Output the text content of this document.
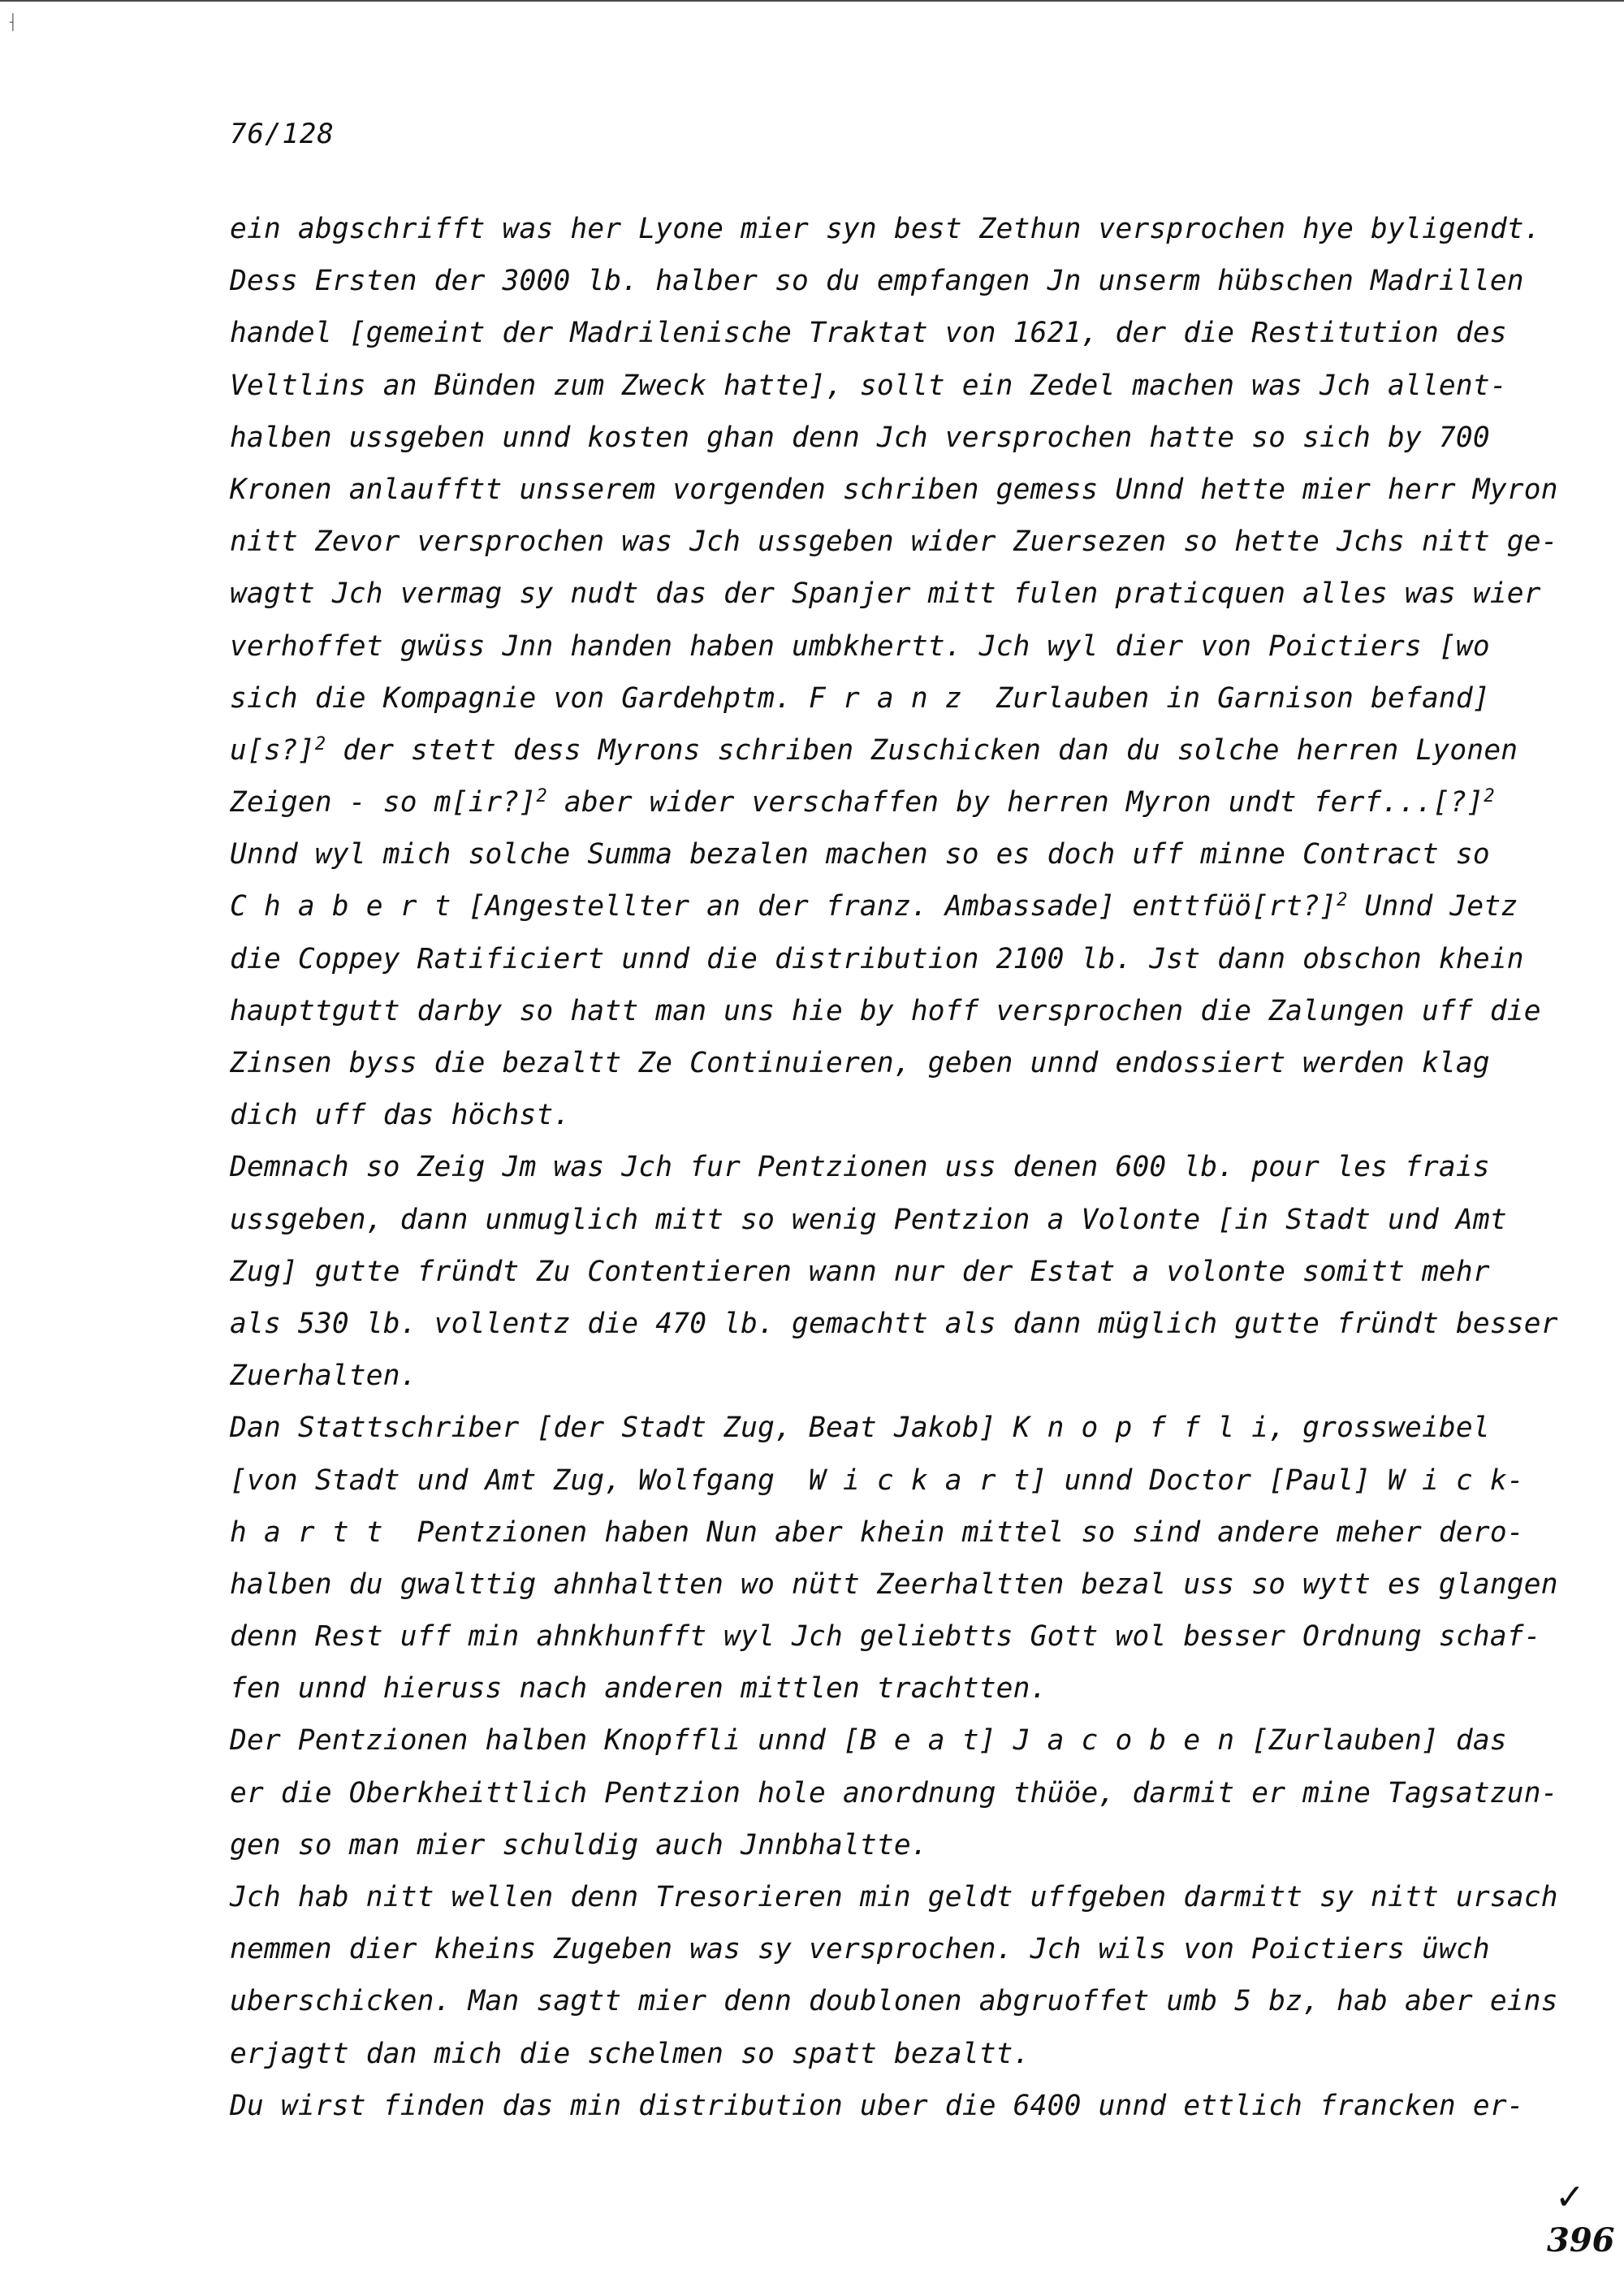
⸡
76/128
ein abgschrifft was her Lyone mier syn best Zethun versprochen hye byligendt.
Dess Ersten der 3000 lb. halber so du empfangen Jn unserm hübschen Madrillen
handel [gemeint der Madrilenische Traktat von 1621, der die Restitution des
Veltlins an Bünden zum Zweck hatte], sollt ein Zedel machen was Jch allent-
halben ussgeben unnd kosten ghan denn Jch versprochen hatte so sich by 700
Kronen anlaufftt unsserem vorgenden schriben gemess Unnd hette mier herr Myron
nitt Zevor versprochen was Jch ussgeben wider Zuersezen so hette Jchs nitt ge-
wagtt Jch vermag sy nudt das der Spanjer mitt fulen praticquen alles was wier
verhoffet gwüss Jnn handen haben umbkhertt. Jch wyl dier von Poictiers [wo
sich die Kompagnie von Gardehptm. F r a n z  Zurlauben in Garnison befand]
u[s?]$^2$ der stett dess Myrons schriben Zuschicken dan du solche herren Lyonen
Zeigen - so m[ir?]$^2$ aber wider verschaffen by herren Myron undt ferf...[?]$^2$
Unnd wyl mich solche Summa bezalen machen so es doch uff minne Contract so
C h a b e r t [Angestellter an der franz. Ambassade] enttfüö[rt?]$^2$ Unnd Jetz
die Coppey Ratificiert unnd die distribution 2100 lb. Jst dann obschon khein
haupttgutt darby so hatt man uns hie by hoff versprochen die Zalungen uff die
Zinsen byss die bezaltt Ze Continuieren, geben unnd endossiert werden klag
dich uff das höchst.
Demnach so Zeig Jm was Jch fur Pentzionen uss denen 600 lb. pour les frais
ussgeben, dann unmuglich mitt so wenig Pentzion a Volonte [in Stadt und Amt
Zug] gutte fründt Zu Contentieren wann nur der Estat a volonte somitt mehr
als 530 lb. vollentz die 470 lb. gemachtt als dann müglich gutte fründt besser
Zuerhalten.
Dan Stattschriber [der Stadt Zug, Beat Jakob] K n o p f f l i, grossweibel
[von Stadt und Amt Zug, Wolfgang  W i c k a r t] unnd Doctor [Paul] W i c k-
h a r t t  Pentzionen haben Nun aber khein mittel so sind andere meher dero-
halben du gwalttig ahnhaltten wo nütt Zeerhaltten bezal uss so wytt es glangen
denn Rest uff min ahnkhunfft wyl Jch geliebtts Gott wol besser Ordnung schaf-
fen unnd hieruss nach anderen mittlen trachtten.
Der Pentzionen halben Knopffli unnd [B e a t] J a c o b e n [Zurlauben] das
er die Oberkheittlich Pentzion hole anordnung thüöe, darmit er mine Tagsatzun-
gen so man mier schuldig auch Jnnbhaltte.
Jch hab nitt wellen denn Tresorieren min geldt uffgeben darmitt sy nitt ursach
nemmen dier kheins Zugeben was sy versprochen. Jch wils von Poictiers üwch
uberschicken. Man sagtt mier denn doublonen abgruoffet umb 5 bz, hab aber eins
erjagtt dan mich die schelmen so spatt bezaltt.
Du wirst finden das min distribution uber die 6400 unnd ettlich francken er-
✓
396
